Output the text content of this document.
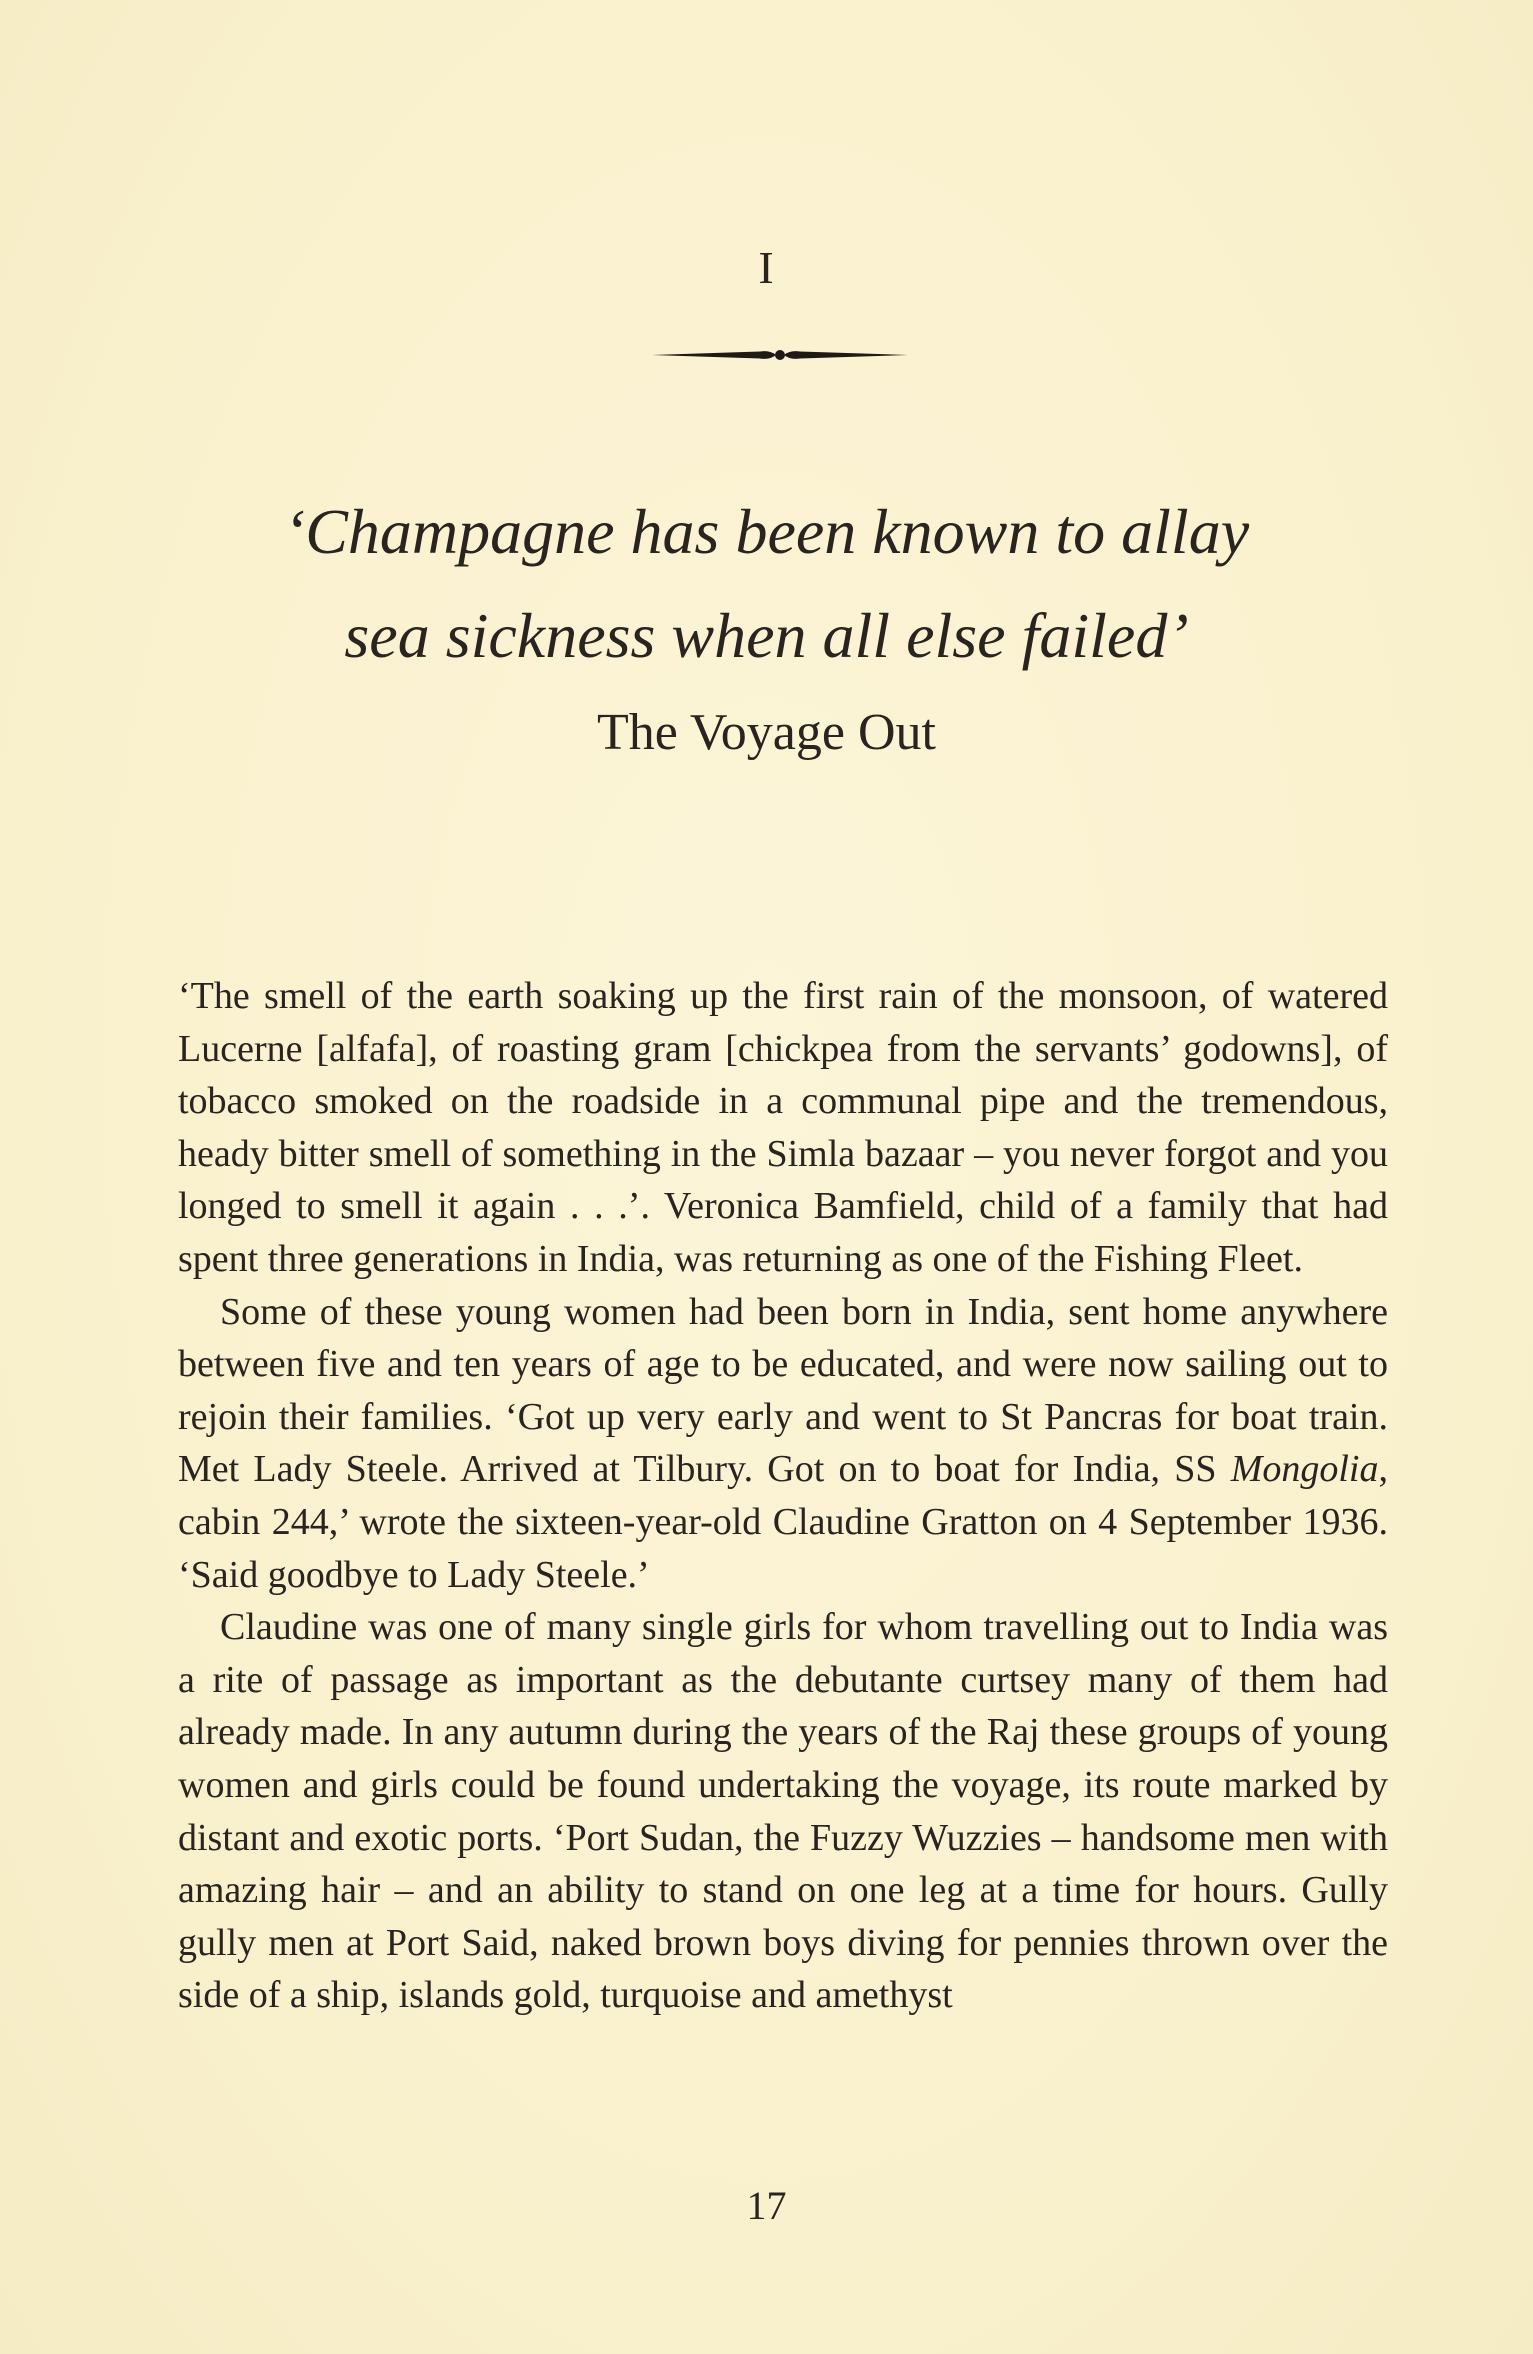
I
‘Champagne has been known to allay
sea sickness when all else failed’
The Voyage Out

‘The smell of the earth soaking up the first rain of the monsoon, of watered Lucerne [alfafa], of roasting gram [chickpea from the servants’ godowns], of tobacco smoked on the roadside in a communal pipe and the tremendous, heady bitter smell of something in the Simla bazaar – you never forgot and you longed to smell it again . . .’. Veronica Bamfield, child of a family that had spent three generations in India, was returning as one of the Fishing Fleet.

Some of these young women had been born in India, sent home anywhere between five and ten years of age to be educated, and were now sailing out to rejoin their families. ‘Got up very early and went to St Pancras for boat train. Met Lady Steele. Arrived at Tilbury. Got on to boat for India, SS Mongolia, cabin 244,’ wrote the sixteen-year-old Claudine Gratton on 4 September 1936. ‘Said goodbye to Lady Steele.’

Claudine was one of many single girls for whom travelling out to India was a rite of passage as important as the debutante curtsey many of them had already made. In any autumn during the years of the Raj these groups of young women and girls could be found undertaking the voyage, its route marked by distant and exotic ports. ‘Port Sudan, the Fuzzy Wuzzies – handsome men with amazing hair – and an ability to stand on one leg at a time for hours. Gully gully men at Port Said, naked brown boys diving for pennies thrown over the side of a ship, islands gold, turquoise and amethyst

17
